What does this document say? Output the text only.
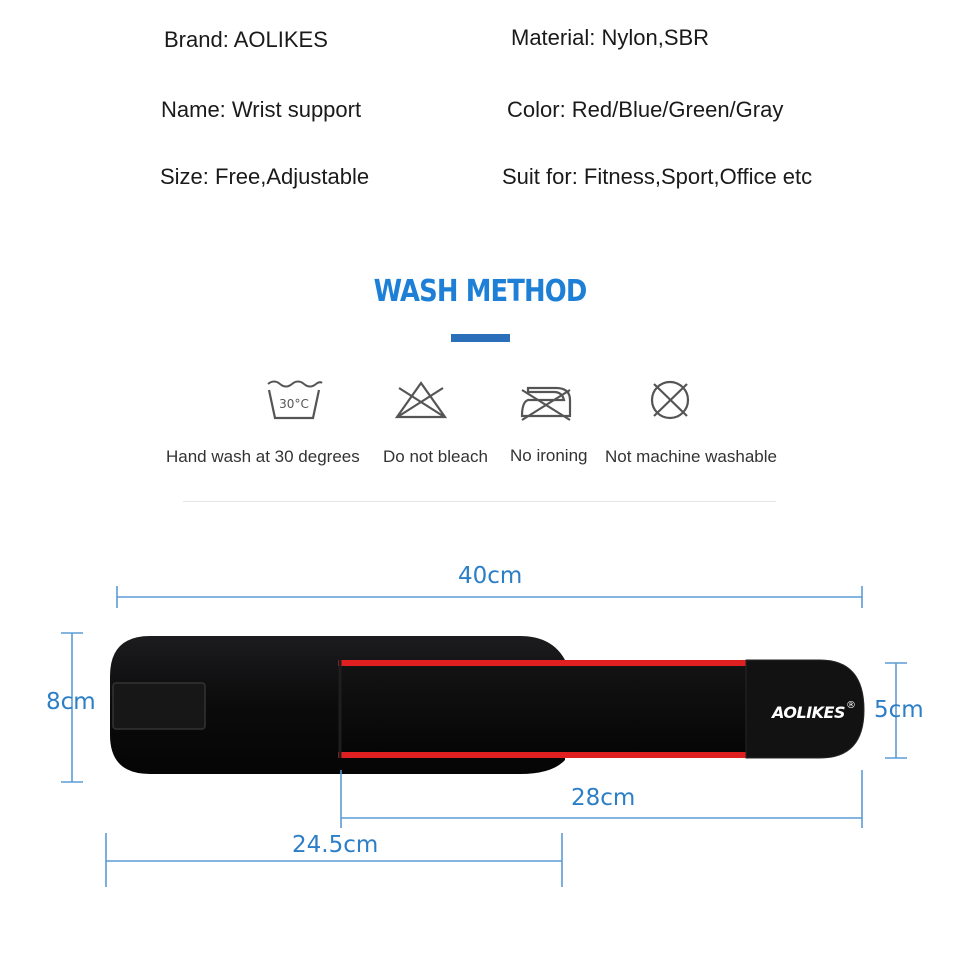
Brand: AOLIKES	Material: Nylon,SBR
Name: Wrist support	Color: Red/Blue/Green/Gray
Size: Free,Adjustable	Suit for: Fitness,Sport,Office etc
WASH METHOD
30°C
Hand wash at 30 degrees Do not bleach No ironing Not machine washable
AOLIKES ®
40cm
8cm	5cm
28cm
24.5cm
